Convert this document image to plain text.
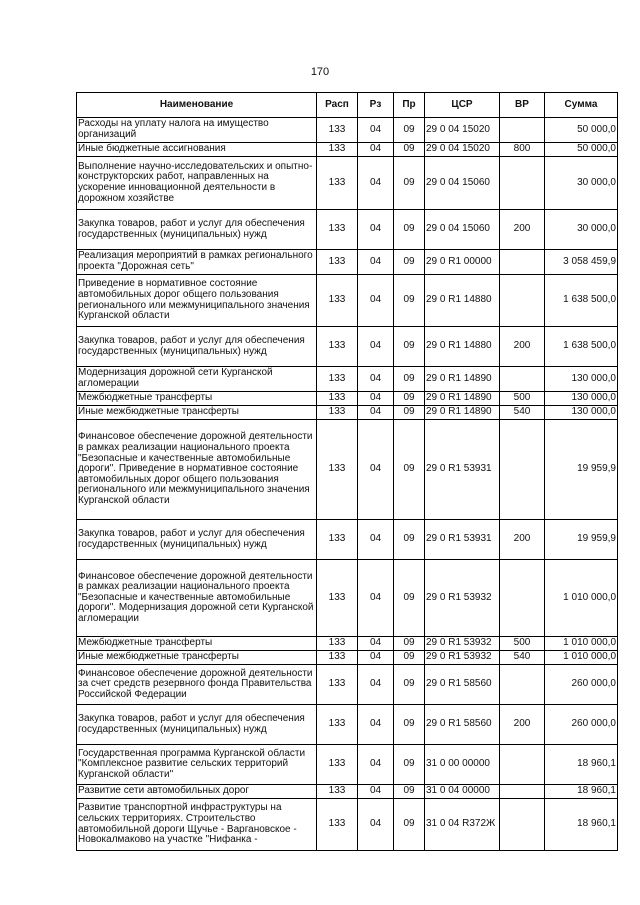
170
Наименование	Расп	Рз	Пр	ЦСР	ВР	Сумма
Расходы на уплату налога на имущество организаций	133	04	09	29 0 04 15020		50 000,0
Иные бюджетные ассигнования	133	04	09	29 0 04 15020	800	50 000,0
Выполнение научно-исследовательских и опытно-конструкторских работ, направленных на ускорение инновационной деятельности в дорожном хозяйстве	133	04	09	29 0 04 15060		30 000,0
Закупка товаров, работ и услуг для обеспечения государственных (муниципальных) нужд	133	04	09	29 0 04 15060	200	30 000,0
Реализация мероприятий в рамках регионального проекта "Дорожная сеть"	133	04	09	29 0 R1 00000		3 058 459,9
Приведение в нормативное состояние автомобильных дорог общего пользования регионального или межмуниципального значения Курганской области	133	04	09	29 0 R1 14880		1 638 500,0
Закупка товаров, работ и услуг для обеспечения государственных (муниципальных) нужд	133	04	09	29 0 R1 14880	200	1 638 500,0
Модернизация дорожной сети Курганской агломерации	133	04	09	29 0 R1 14890		130 000,0
Межбюджетные трансферты	133	04	09	29 0 R1 14890	500	130 000,0
Иные межбюджетные трансферты	133	04	09	29 0 R1 14890	540	130 000,0
Финансовое обеспечение дорожной деятельности в рамках реализации национального проекта "Безопасные и качественные автомобильные дороги". Приведение в нормативное состояние автомобильных дорог общего пользования регионального или межмуниципального значения Курганской области	133	04	09	29 0 R1 53931		19 959,9
Закупка товаров, работ и услуг для обеспечения государственных (муниципальных) нужд	133	04	09	29 0 R1 53931	200	19 959,9
Финансовое обеспечение дорожной деятельности в рамках реализации национального проекта "Безопасные и качественные автомобильные дороги". Модернизация дорожной сети Курганской агломерации	133	04	09	29 0 R1 53932		1 010 000,0
Межбюджетные трансферты	133	04	09	29 0 R1 53932	500	1 010 000,0
Иные межбюджетные трансферты	133	04	09	29 0 R1 53932	540	1 010 000,0
Финансовое обеспечение дорожной деятельности за счет средств резервного фонда Правительства Российской Федерации	133	04	09	29 0 R1 58560		260 000,0
Закупка товаров, работ и услуг для обеспечения государственных (муниципальных) нужд	133	04	09	29 0 R1 58560	200	260 000,0
Государственная программа Курганской области "Комплексное развитие сельских территорий Курганской области"	133	04	09	31 0 00 00000		18 960,1
Развитие сети автомобильных дорог	133	04	09	31 0 04 00000		18 960,1
Развитие транспортной инфраструктуры на сельских территориях. Строительство автомобильной дороги Щучье - Варгановское - Новокалмаково на участке "Нифанка -	133	04	09	31 0 04 R372Ж		18 960,1
